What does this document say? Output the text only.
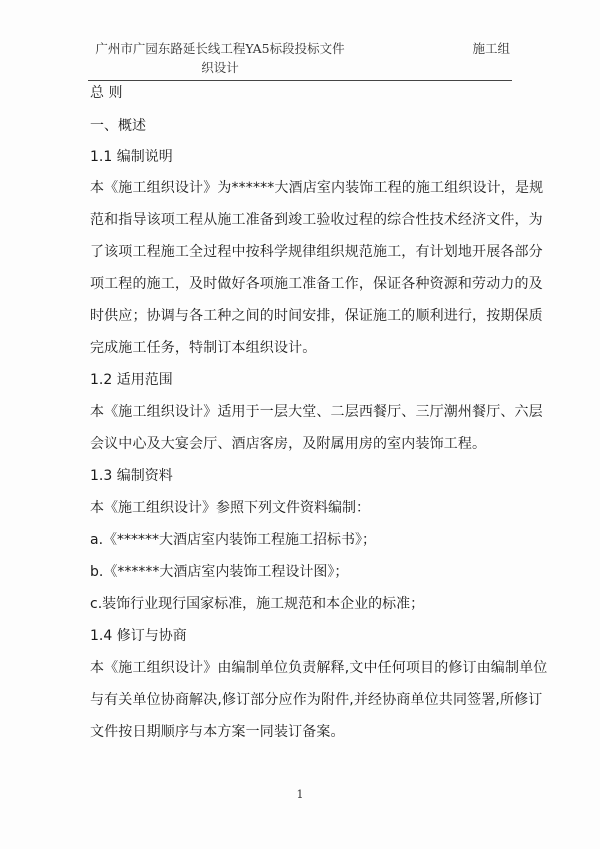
广州市广园东路延长线工程YA5标段投标文件
织设计
施工组
总 则
一、概述
1.1 编制说明
本《施工组织设计》为******大酒店室内装饰工程的施工组织设计，是规
范和指导该项工程从施工准备到竣工验收过程的综合性技术经济文件，为
了该项工程施工全过程中按科学规律组织规范施工，有计划地开展各部分
项工程的施工，及时做好各项施工准备工作，保证各种资源和劳动力的及
时供应；协调与各工种之间的时间安排，保证施工的顺利进行，按期保质
完成施工任务，特制订本组织设计。
1.2 适用范围
本《施工组织设计》适用于一层大堂、二层西餐厅、三厅潮州餐厅、六层
会议中心及大宴会厅、酒店客房，及附属用房的室内装饰工程。
1.3 编制资料
本《施工组织设计》参照下列文件资料编制：
a.《******大酒店室内装饰工程施工招标书》；
b.《******大酒店室内装饰工程设计图》；
c.装饰行业现行国家标准，施工规范和本企业的标准；
1.4 修订与协商
本《施工组织设计》由编制单位负责解释,文中任何项目的修订由编制单位
与有关单位协商解决,修订部分应作为附件,并经协商单位共同签署,所修订
文件按日期顺序与本方案一同装订备案。
1
